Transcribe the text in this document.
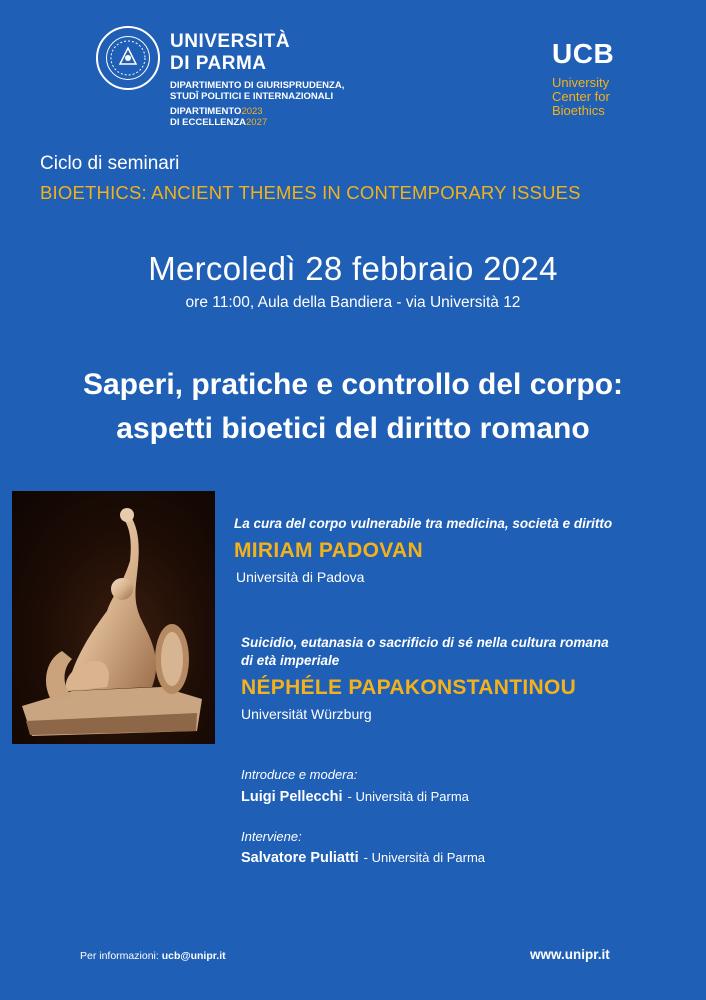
UNIVERSITÀ
DI PARMA
DIPARTIMENTO DI GIURISPRUDENZA,
STUDÎ POLITICI E INTERNAZIONALI
DIPARTIMENTO2023
DI ECCELLENZA2027
UCB
University
Center for
Bioethics
Ciclo di seminari
BIOETHICS: ANCIENT THEMES IN CONTEMPORARY ISSUES
Mercoledì 28 febbraio 2024
ore 11:00, Aula della Bandiera - via Università 12
Saperi, pratiche e controllo del corpo:
aspetti bioetici del diritto romano
La cura del corpo vulnerabile tra medicina, società e diritto
MIRIAM PADOVAN
Università di Padova
Suicidio, eutanasia o sacrificio di sé nella cultura romana
di età imperiale
NÉPHÉLE PAPAKONSTANTINOU
Universität Würzburg
Introduce e modera:
Luigi Pellecchi - Università di Parma
Interviene:
Salvatore Puliatti - Università di Parma
Per informazioni: ucb@unipr.it	www.unipr.it
